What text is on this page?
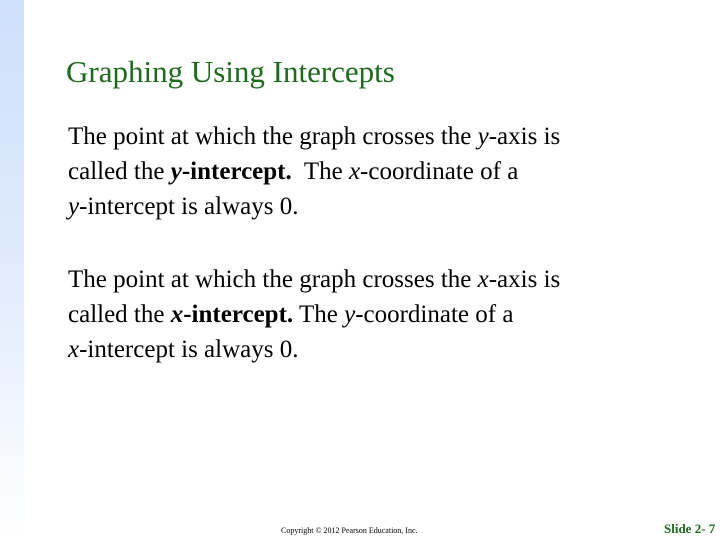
Graphing Using Intercepts
The point at which the graph crosses the y-axis is
called the y-intercept.  The x-coordinate of a
y-intercept is always 0.
The point at which the graph crosses the x-axis is
called the x-intercept. The y-coordinate of a
x-intercept is always 0.
Copyright © 2012 Pearson Education, Inc.	Slide 2- 7
